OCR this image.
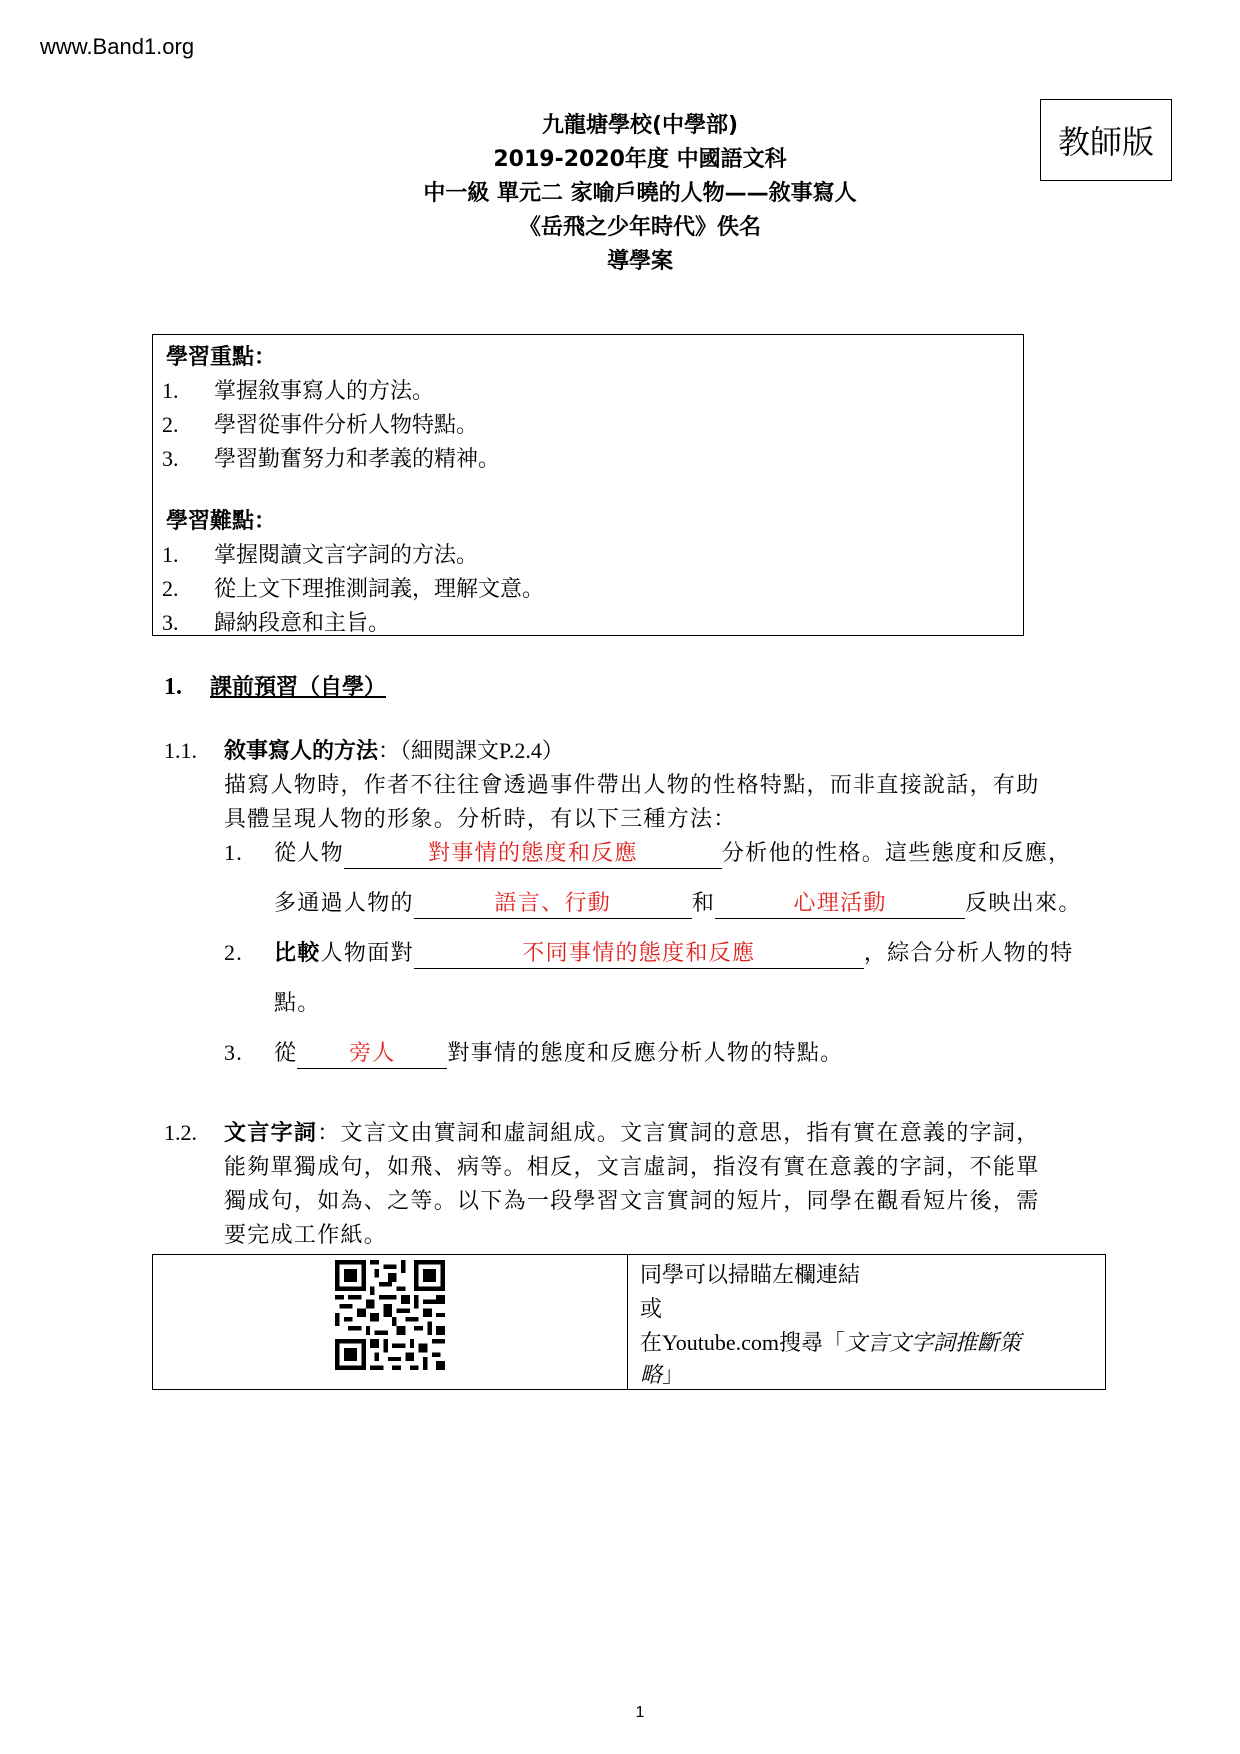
www.Band1.org
教師版
九龍塘學校(中學部)
2019-2020年度 中國語文科
中一級 單元二 家喻戶曉的人物——敘事寫人
《岳飛之少年時代》佚名
導學案
學習重點：
1. 掌握敘事寫人的方法。
2. 學習從事件分析人物特點。
3. 學習勤奮努力和孝義的精神。
學習難點：
1. 掌握閱讀文言字詞的方法。
2. 從上文下理推測詞義，理解文意。
3. 歸納段意和主旨。
1. 課前預習（自學）
1.1. 敘事寫人的方法：（細閱課文P.2.4）
描寫人物時，作者不往往會透過事件帶出人物的性格特點，而非直接說話，有助
具體呈現人物的形象。分析時，有以下三種方法：
1. 從人物	對事情的態度和反應	分析他的性格。這些態度和反應，
多通過人物的	語言、行動	和	心理活動	反映出來。
2. 比較人物面對	不同事情的態度和反應	，綜合分析人物的特
點。
3. 從 旁人 對事情的態度和反應分析人物的特點。
1.2. 文言字詞：文言文由實詞和虛詞組成。文言實詞的意思，指有實在意義的字詞，
能夠單獨成句，如飛、病等。相反，文言虛詞，指沒有實在意義的字詞，不能單
獨成句，如為、之等。以下為一段學習文言實詞的短片，同學在觀看短片後，需
要完成工作紙。
同學可以掃瞄左欄連結
或
在Youtube.com搜尋「文言文字詞推斷策
略」
1
